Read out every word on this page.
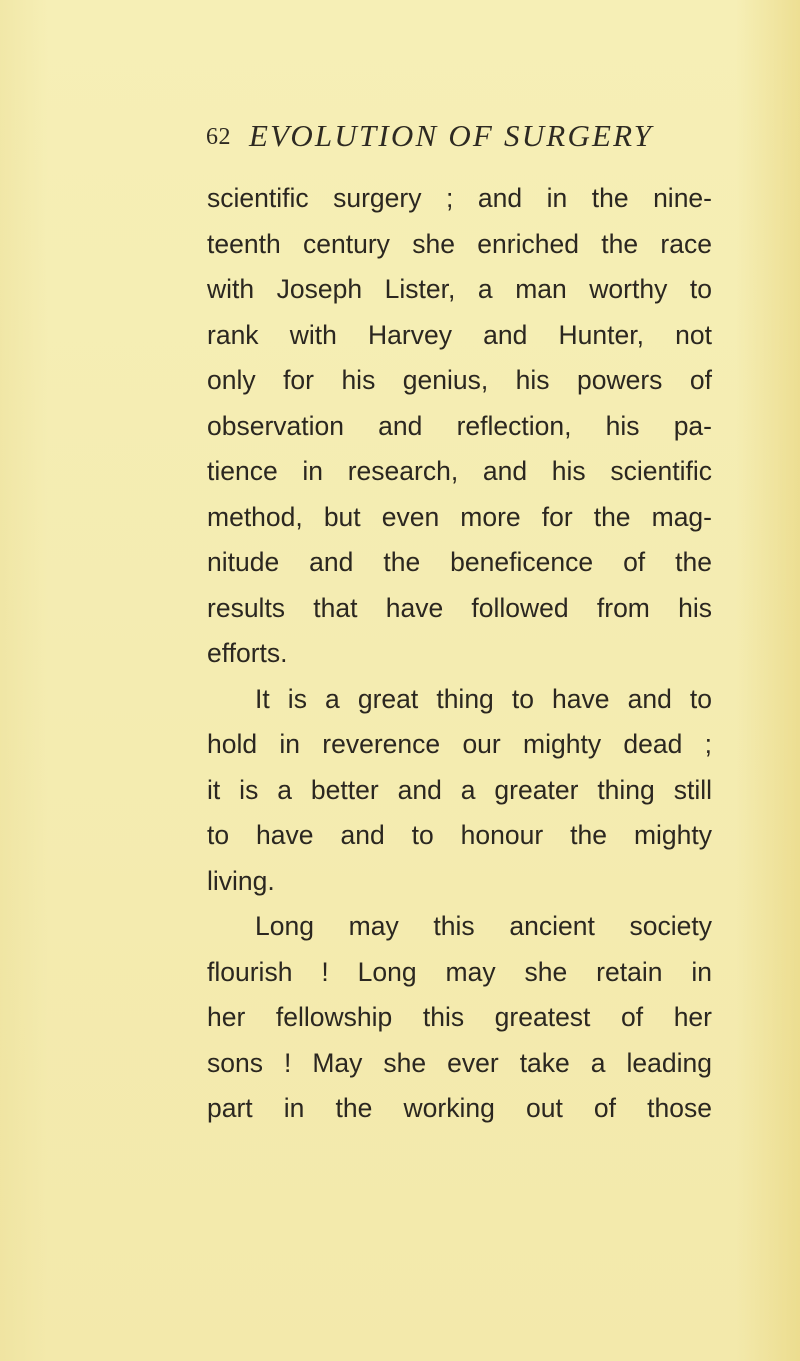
62 EVOLUTION OF SURGERY
scientific surgery ; and in the nine-
teenth century she enriched the race
with Joseph Lister, a man worthy to
rank with Harvey and Hunter, not
only for his genius, his powers of
observation and reflection, his pa-
tience in research, and his scientific
method, but even more for the mag-
nitude and the beneficence of the
results that have followed from his
efforts.
It is a great thing to have and to
hold in reverence our mighty dead ;
it is a better and a greater thing still
to have and to honour the mighty
living.
Long may this ancient society
flourish ! Long may she retain in
her fellowship this greatest of her
sons ! May she ever take a leading
part in the working out of those
